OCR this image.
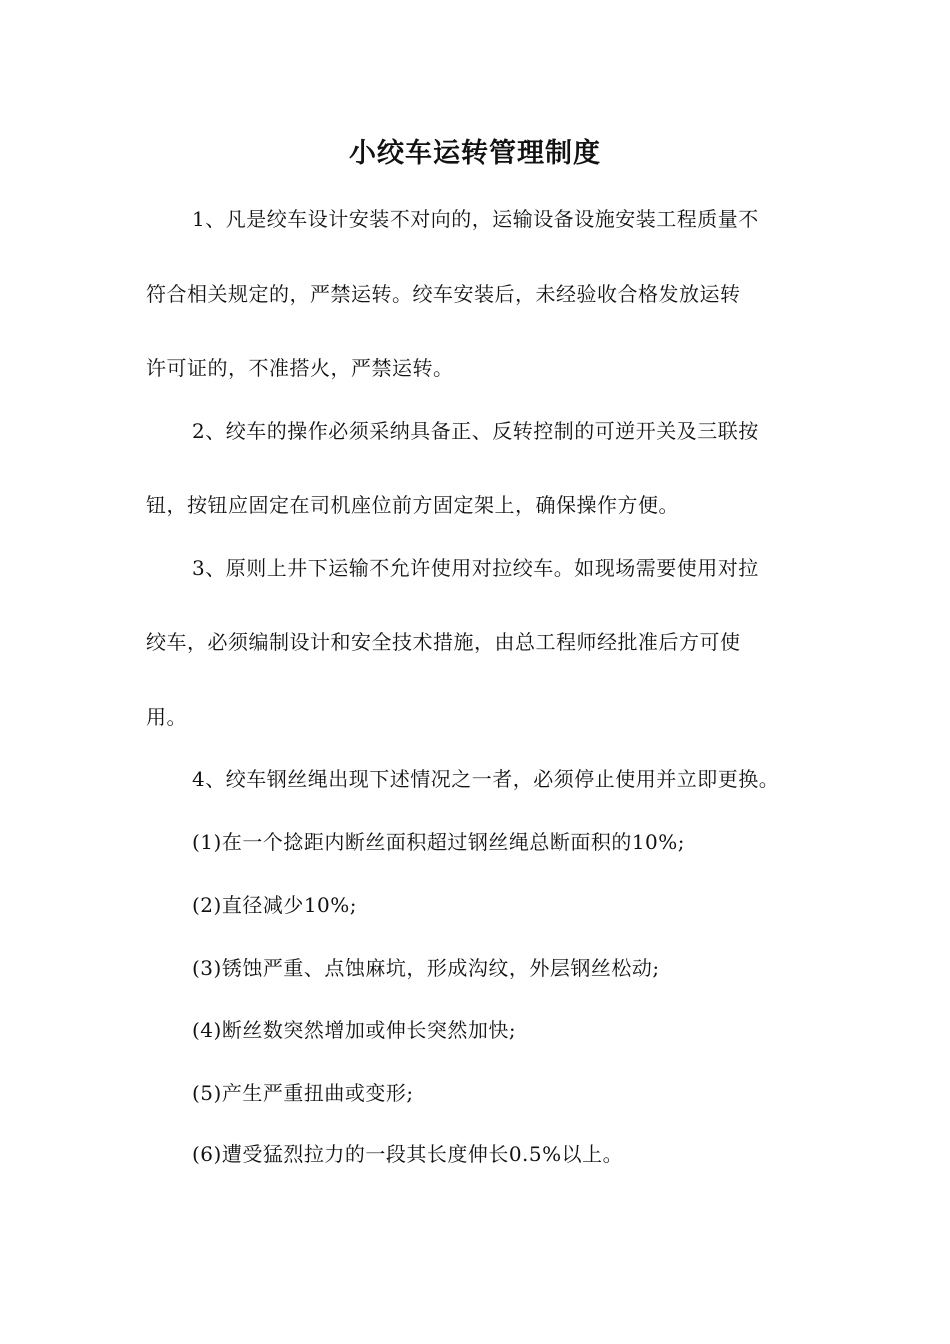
小绞车运转管理制度
1、凡是绞车设计安装不对向的，运输设备设施安装工程质量不
符合相关规定的，严禁运转。绞车安装后，未经验收合格发放运转
许可证的，不准搭火，严禁运转。
2、绞车的操作必须采纳具备正、反转控制的可逆开关及三联按
钮，按钮应固定在司机座位前方固定架上，确保操作方便。
3、原则上井下运输不允许使用对拉绞车。如现场需要使用对拉
绞车，必须编制设计和安全技术措施，由总工程师经批准后方可使
用。
4、绞车钢丝绳出现下述情况之一者，必须停止使用并立即更换。
(1)在一个捻距内断丝面积超过钢丝绳总断面积的10%;
(2)直径减少10%;
(3)锈蚀严重、点蚀麻坑，形成沟纹，外层钢丝松动;
(4)断丝数突然增加或伸长突然加快;
(5)产生严重扭曲或变形;
(6)遭受猛烈拉力的一段其长度伸长0.5%以上。
